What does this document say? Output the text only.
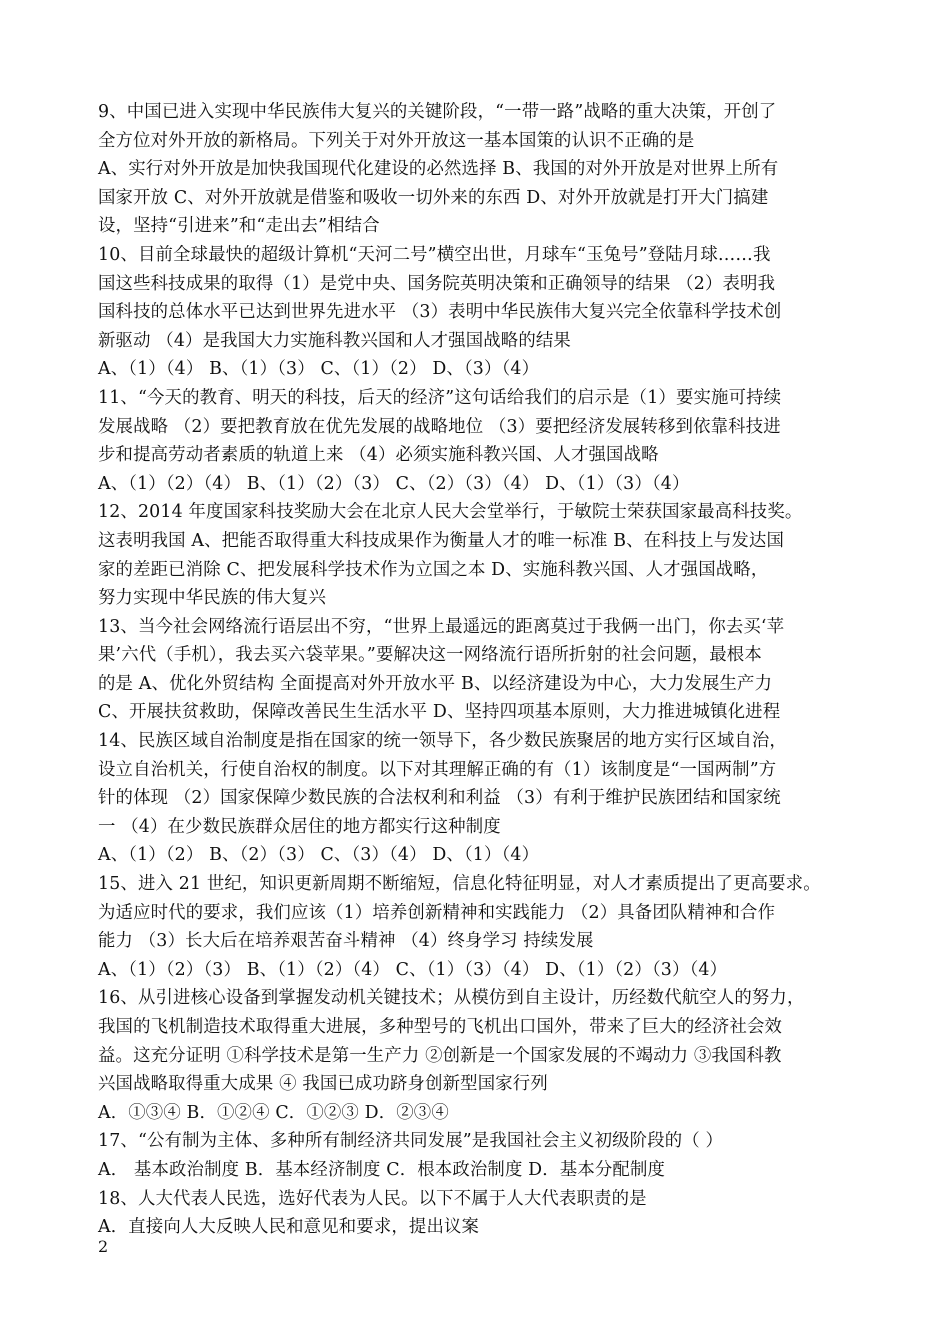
9、中国已进入实现中华民族伟大复兴的关键阶段，“一带一路”战略的重大决策，开创了
全方位对外开放的新格局。下列关于对外开放这一基本国策的认识不正确的是
A、实行对外开放是加快我国现代化建设的必然选择 B、我国的对外开放是对世界上所有
国家开放 C、对外开放就是借鉴和吸收一切外来的东西 D、对外开放就是打开大门搞建
设，坚持“引进来”和“走出去”相结合
10、目前全球最快的超级计算机“天河二号”横空出世，月球车“玉兔号”登陆月球……我
国这些科技成果的取得（1）是党中央、国务院英明决策和正确领导的结果 （2）表明我
国科技的总体水平已达到世界先进水平 （3）表明中华民族伟大复兴完全依靠科学技术创
新驱动 （4）是我国大力实施科教兴国和人才强国战略的结果
A、（1）（4） B、（1）（3） C、（1）（2） D、（3）（4）
11、“今天的教育、明天的科技，后天的经济”这句话给我们的启示是（1）要实施可持续
发展战略 （2）要把教育放在优先发展的战略地位 （3）要把经济发展转移到依靠科技进
步和提高劳动者素质的轨道上来 （4）必须实施科教兴国、人才强国战略
A、（1）（2）（4） B、（1）（2）（3） C、（2）（3）（4） D、（1）（3）（4）
12、2014 年度国家科技奖励大会在北京人民大会堂举行，于敏院士荣获国家最高科技奖。
这表明我国 A、把能否取得重大科技成果作为衡量人才的唯一标准 B、在科技上与发达国
家的差距已消除 C、把发展科学技术作为立国之本 D、实施科教兴国、人才强国战略，
努力实现中华民族的伟大复兴
13、当今社会网络流行语层出不穷，“世界上最遥远的距离莫过于我俩一出门，你去买‘苹
果’六代（手机），我去买六袋苹果。”要解决这一网络流行语所折射的社会问题，最根本
的是 A、优化外贸结构 全面提高对外开放水平 B、以经济建设为中心，大力发展生产力
C、开展扶贫救助，保障改善民生生活水平 D、坚持四项基本原则，大力推进城镇化进程
14、民族区域自治制度是指在国家的统一领导下，各少数民族聚居的地方实行区域自治，
设立自治机关，行使自治权的制度。以下对其理解正确的有（1）该制度是“一国两制”方
针的体现 （2）国家保障少数民族的合法权利和利益 （3）有利于维护民族团结和国家统
一 （4）在少数民族群众居住的地方都实行这种制度
A、（1）（2） B、（2）（3） C、（3）（4） D、（1）（4）
15、进入 21 世纪，知识更新周期不断缩短，信息化特征明显，对人才素质提出了更高要求。
为适应时代的要求，我们应该（1）培养创新精神和实践能力 （2）具备团队精神和合作
能力 （3）长大后在培养艰苦奋斗精神 （4）终身学习 持续发展
A、（1）（2）（3） B、（1）（2）（4） C、（1）（3）（4） D、（1）（2）（3）（4）
16、从引进核心设备到掌握发动机关键技术；从模仿到自主设计，历经数代航空人的努力，
我国的飞机制造技术取得重大进展，多种型号的飞机出口国外，带来了巨大的经济社会效
益。这充分证明 ①科学技术是第一生产力 ②创新是一个国家发展的不竭动力 ③我国科教
兴国战略取得重大成果 ④ 我国已成功跻身创新型国家行列
A．①③④ B．①②④ C．①②③ D．②③④
17、“公有制为主体、多种所有制经济共同发展”是我国社会主义初级阶段的（ ）
A． 基本政治制度 B．基本经济制度 C．根本政治制度 D．基本分配制度
18、人大代表人民选，选好代表为人民。以下不属于人大代表职责的是
A．直接向人大反映人民和意见和要求，提出议案
2
